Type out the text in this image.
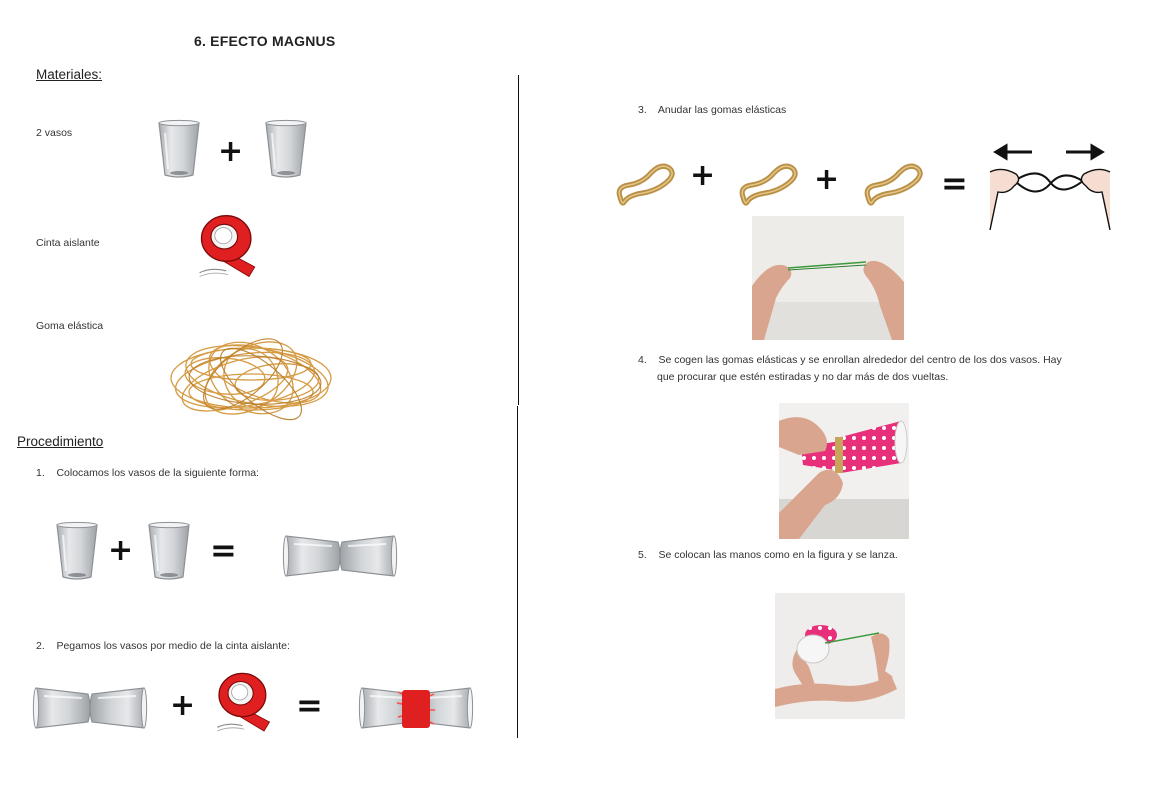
6. EFECTO MAGNUS
Materiales:
2 vasos
+
Cinta aislante
Goma elástica
Procedimiento
1. Colocamos los vasos de la siguiente forma:
+ =
2. Pegamos los vasos por medio de la cinta aislante:
+	=
3. Anudar las gomas elásticas
+	+	=
4. Se cogen las gomas elásticas y se enrollan alrededor del centro de los dos vasos. Hay
que procurar que estén estiradas y no dar más de dos vueltas.
5. Se colocan las manos como en la figura y se lanza.
